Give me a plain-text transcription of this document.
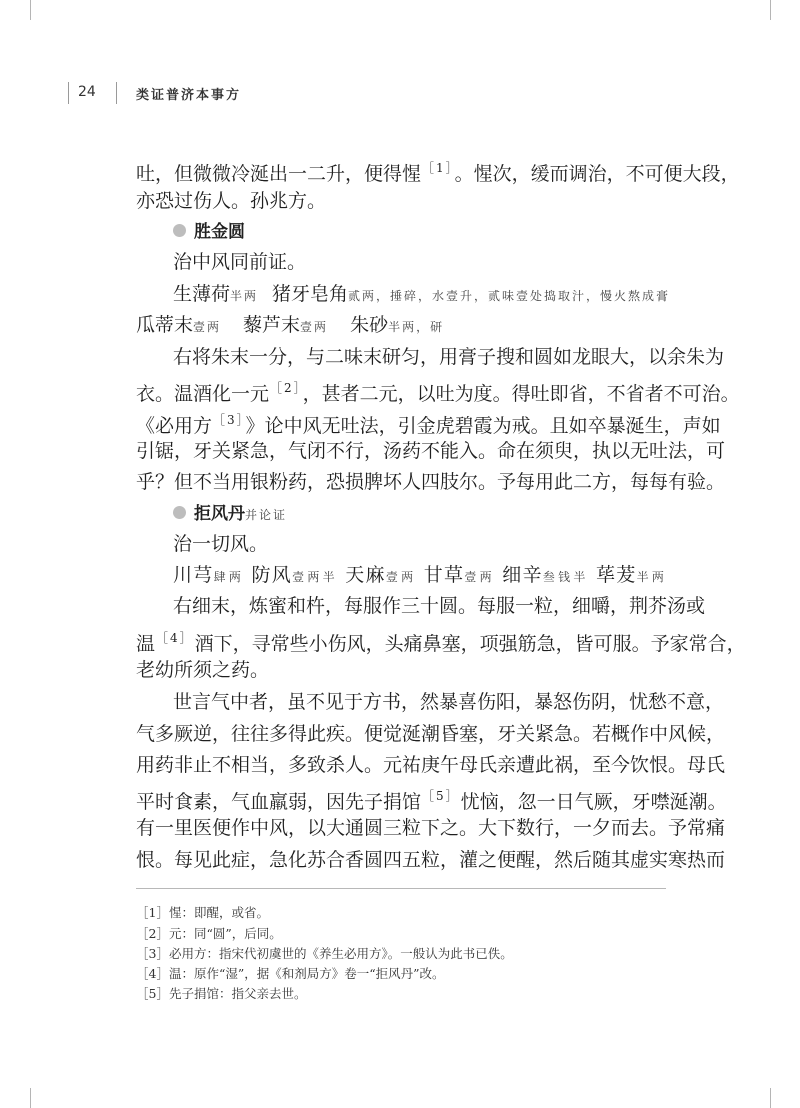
24	类证普济本事方
吐，但微微冷涎出一二升，便得惺$^{[1]}$。惺次，缓而调治，不可便大段，
亦恐过伤人。孙兆方。
胜金圆
治中风同前证。
生薄荷半两 猪牙皂角贰两，捶碎，水壹升，贰味壹处捣取汁，慢火熬成膏
瓜蒂末壹两 藜芦末壹两 朱砂半两，研
右将朱末一分，与二味末研匀，用膏子搜和圆如龙眼大，以余朱为
衣。温酒化一元$^{[2]}$，甚者二元，以吐为度。得吐即省，不省者不可治。
《必用方$^{[3]}$》论中风无吐法，引金虎碧霞为戒。且如卒暴涎生，声如
引锯，牙关紧急，气闭不行，汤药不能入。命在须臾，执以无吐法，可
乎？但不当用银粉药，恐损脾坏人四肢尔。予每用此二方，每每有验。
拒风丹并论证
治一切风。
川芎肆两 防风壹两半 天麻壹两 甘草壹两 细辛叁钱半 荜茇半两
右细末，炼蜜和杵，每服作三十圆。每服一粒，细嚼，荆芥汤或
温$^{[4]}$酒下，寻常些小伤风，头痛鼻塞，项强筋急，皆可服。予家常合，
老幼所须之药。
世言气中者，虽不见于方书，然暴喜伤阳，暴怒伤阴，忧愁不意，
气多厥逆，往往多得此疾。便觉涎潮昏塞，牙关紧急。若概作中风候，
用药非止不相当，多致杀人。元祐庚午母氏亲遭此祸，至今饮恨。母氏
平时食素，气血羸弱，因先子捐馆$^{[5]}$忧恼，忽一日气厥，牙噤涎潮。
有一里医便作中风，以大通圆三粒下之。大下数行，一夕而去。予常痛
恨。每见此症，急化苏合香圆四五粒，灌之便醒，然后随其虚实寒热而
［1］惺：即醒，或省。
［2］元：同“圆”，后同。
［3］必用方：指宋代初虞世的《养生必用方》。一般认为此书已佚。
［4］温：原作“湿”，据《和剂局方》卷一“拒风丹”改。
［5］先子捐馆：指父亲去世。
